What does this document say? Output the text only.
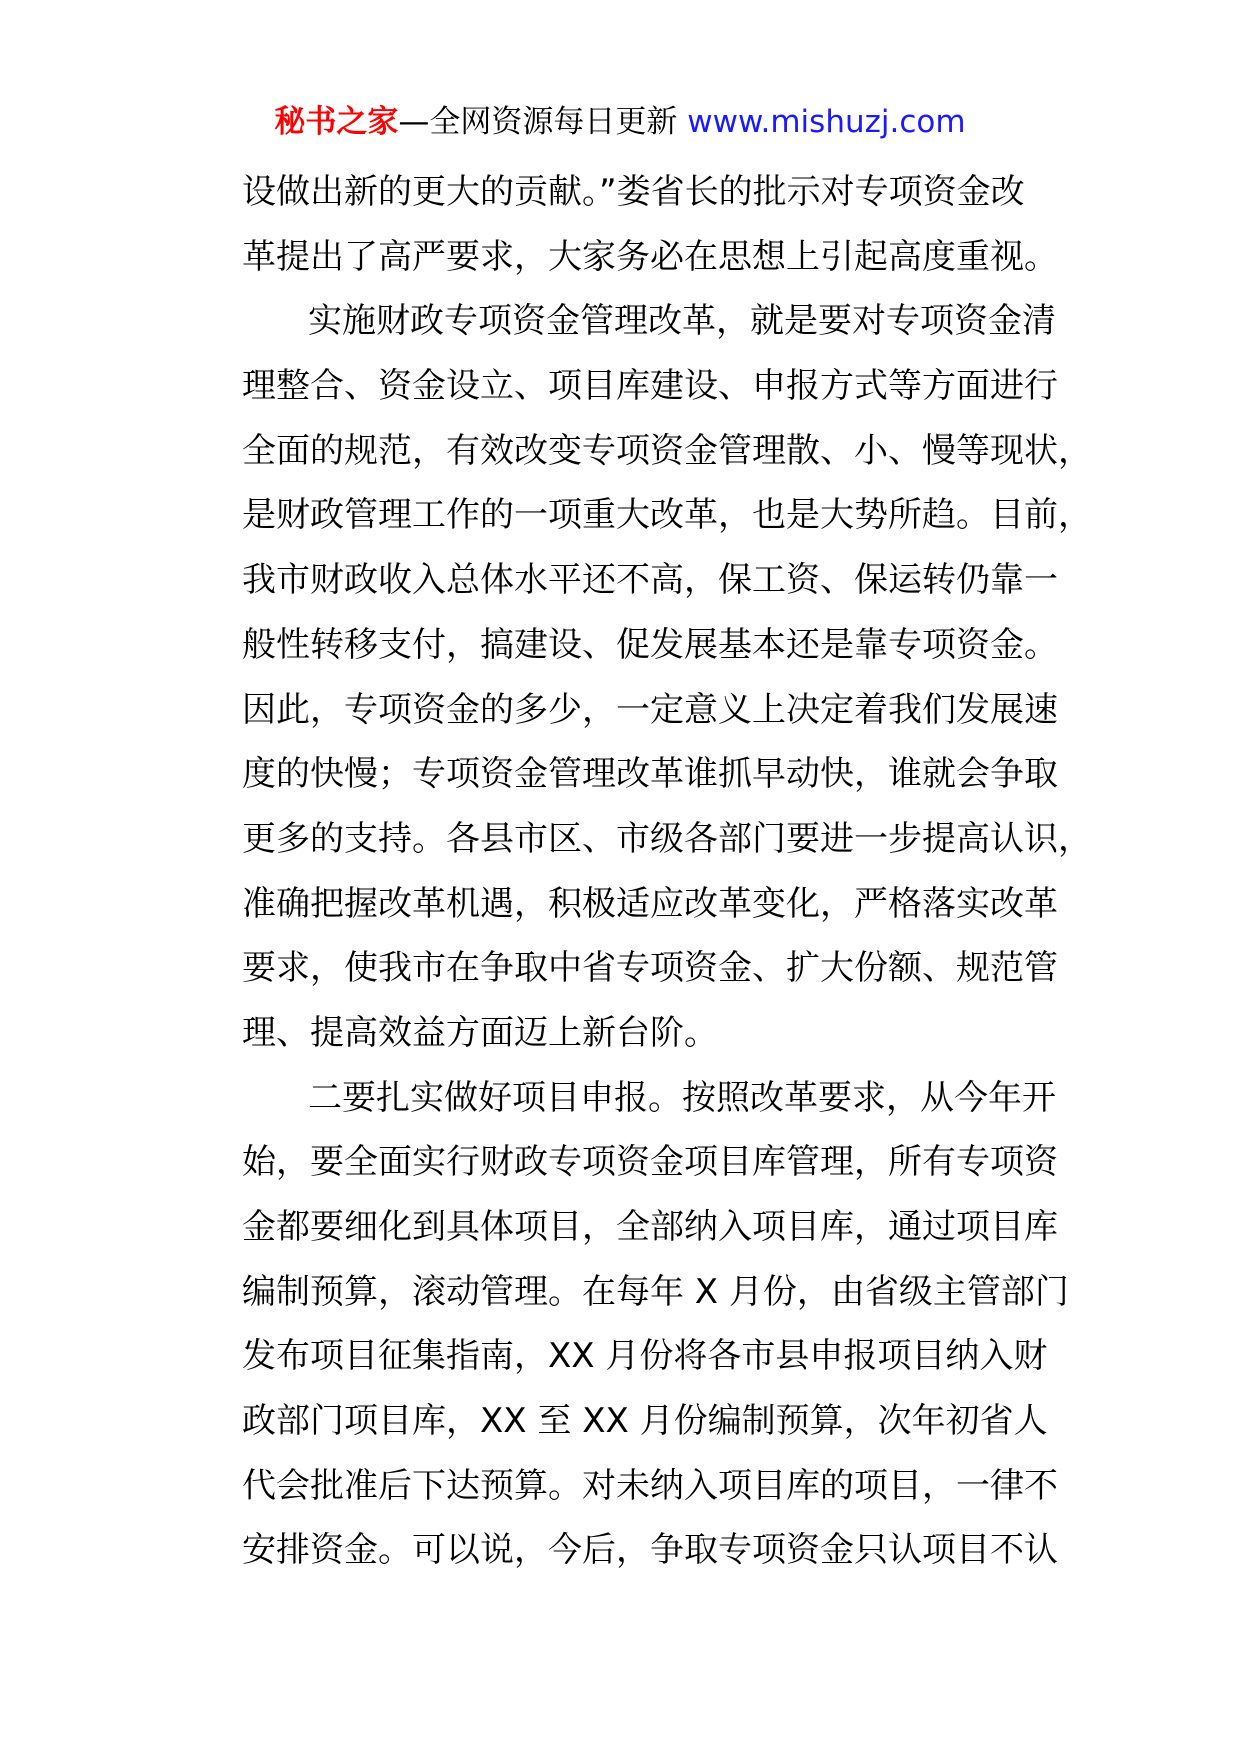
秘书之家—全网资源每日更新 www.mishuzj.com
设做出新的更大的贡献。”娄省长的批示对专项资金改
革提出了高严要求，大家务必在思想上引起高度重视。
实施财政专项资金管理改革，就是要对专项资金清
理整合、资金设立、项目库建设、申报方式等方面进行
全面的规范，有效改变专项资金管理散、小、慢等现状，
是财政管理工作的一项重大改革，也是大势所趋。目前，
我市财政收入总体水平还不高，保工资、保运转仍靠一
般性转移支付，搞建设、促发展基本还是靠专项资金。
因此，专项资金的多少，一定意义上决定着我们发展速
度的快慢；专项资金管理改革谁抓早动快，谁就会争取
更多的支持。各县市区、市级各部门要进一步提高认识，
准确把握改革机遇，积极适应改革变化，严格落实改革
要求，使我市在争取中省专项资金、扩大份额、规范管
理、提高效益方面迈上新台阶。
二要扎实做好项目申报。按照改革要求，从今年开
始，要全面实行财政专项资金项目库管理，所有专项资
金都要细化到具体项目，全部纳入项目库，通过项目库
编制预算，滚动管理。在每年 X 月份，由省级主管部门
发布项目征集指南，XX 月份将各市县申报项目纳入财
政部门项目库，XX 至 XX 月份编制预算，次年初省人
代会批准后下达预算。对未纳入项目库的项目，一律不
安排资金。可以说，今后，争取专项资金只认项目不认
